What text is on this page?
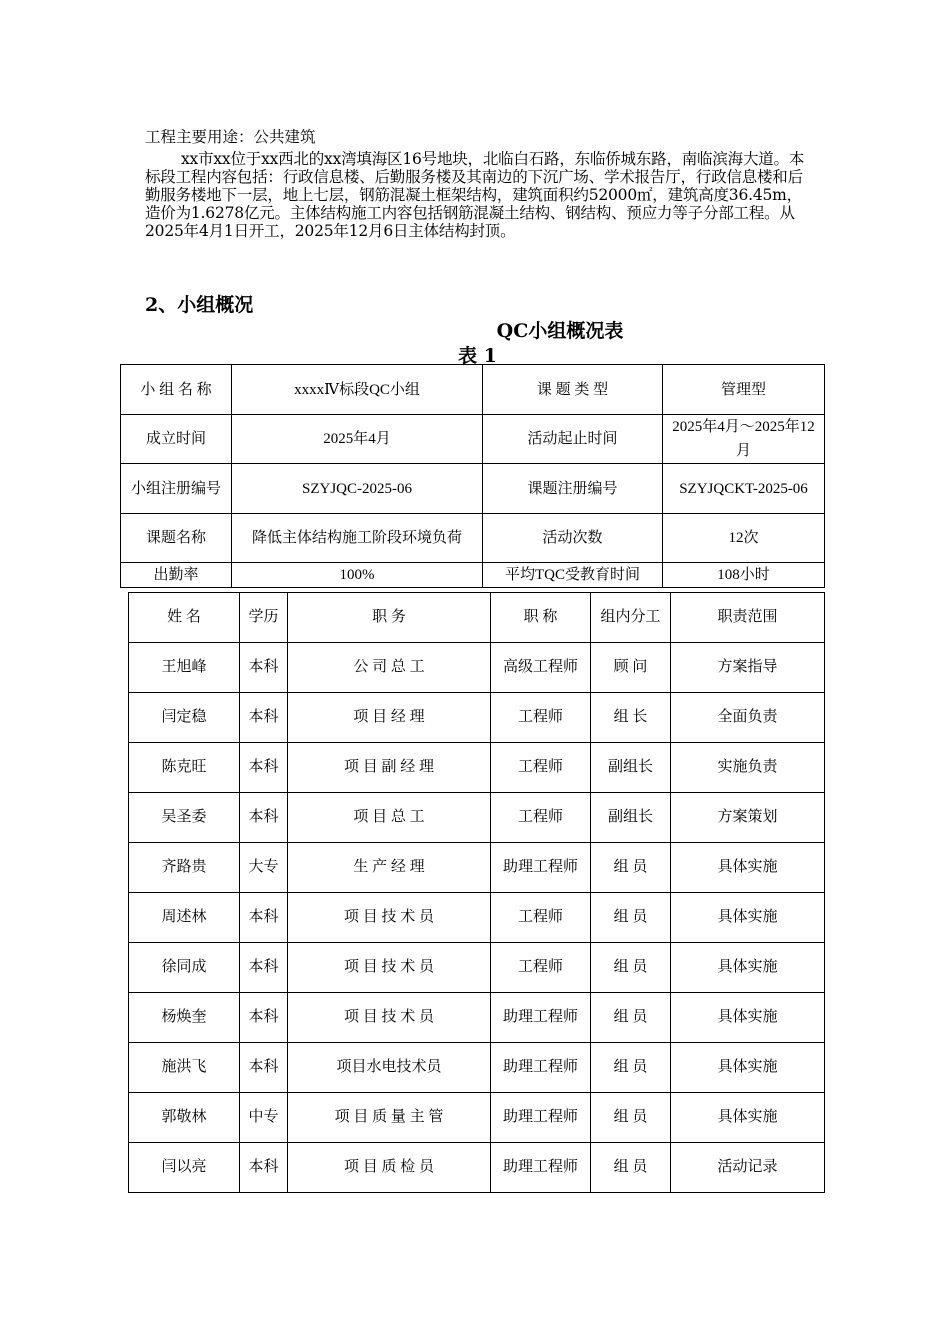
工程主要用途：公共建筑
xx市xx位于xx西北的xx湾填海区16号地块，北临白石路，东临侨城东路，南临滨海大道。本标段工程内容包括：行政信息楼、后勤服务楼及其南边的下沉广场、学术报告厅，行政信息楼和后勤服务楼地下一层，地上七层，钢筋混凝土框架结构，建筑面积约52000㎡，建筑高度36.45m，造价为1.6278亿元。主体结构施工内容包括钢筋混凝土结构、钢结构、预应力等子分部工程。从2025年4月1日开工，2025年12月6日主体结构封顶。
2、小组概况
QC小组概况表
表 1
小 组 名 称	xxxxⅣ标段QC小组	课 题 类 型	管理型
成立时间	2025年4月	活动起止时间	2025年4月～2025年12月
小组注册编号	SZYJQC-2025-06	课题注册编号	SZYJQCKT-2025-06
课题名称	降低主体结构施工阶段环境负荷	活动次数	12次
出勤率	100%	平均TQC受教育时间	108小时
姓 名	学历	职 务	职 称	组内分工	职责范围
王旭峰	本科	公 司 总 工	高级工程师	顾 问	方案指导
闫定稳	本科	项 目 经 理	工程师	组 长	全面负责
陈克旺	本科	项 目 副 经 理	工程师	副组长	实施负责
吴圣委	本科	项 目 总 工	工程师	副组长	方案策划
齐路贵	大专	生 产 经 理	助理工程师	组 员	具体实施
周述林	本科	项 目 技 术 员	工程师	组 员	具体实施
徐同成	本科	项 目 技 术 员	工程师	组 员	具体实施
杨焕奎	本科	项 目 技 术 员	助理工程师	组 员	具体实施
施洪飞	本科	项目水电技术员	助理工程师	组 员	具体实施
郭敬林	中专	项 目 质 量 主 管	助理工程师	组 员	具体实施
闫以亮	本科	项 目 质 检 员	助理工程师	组 员	活动记录
